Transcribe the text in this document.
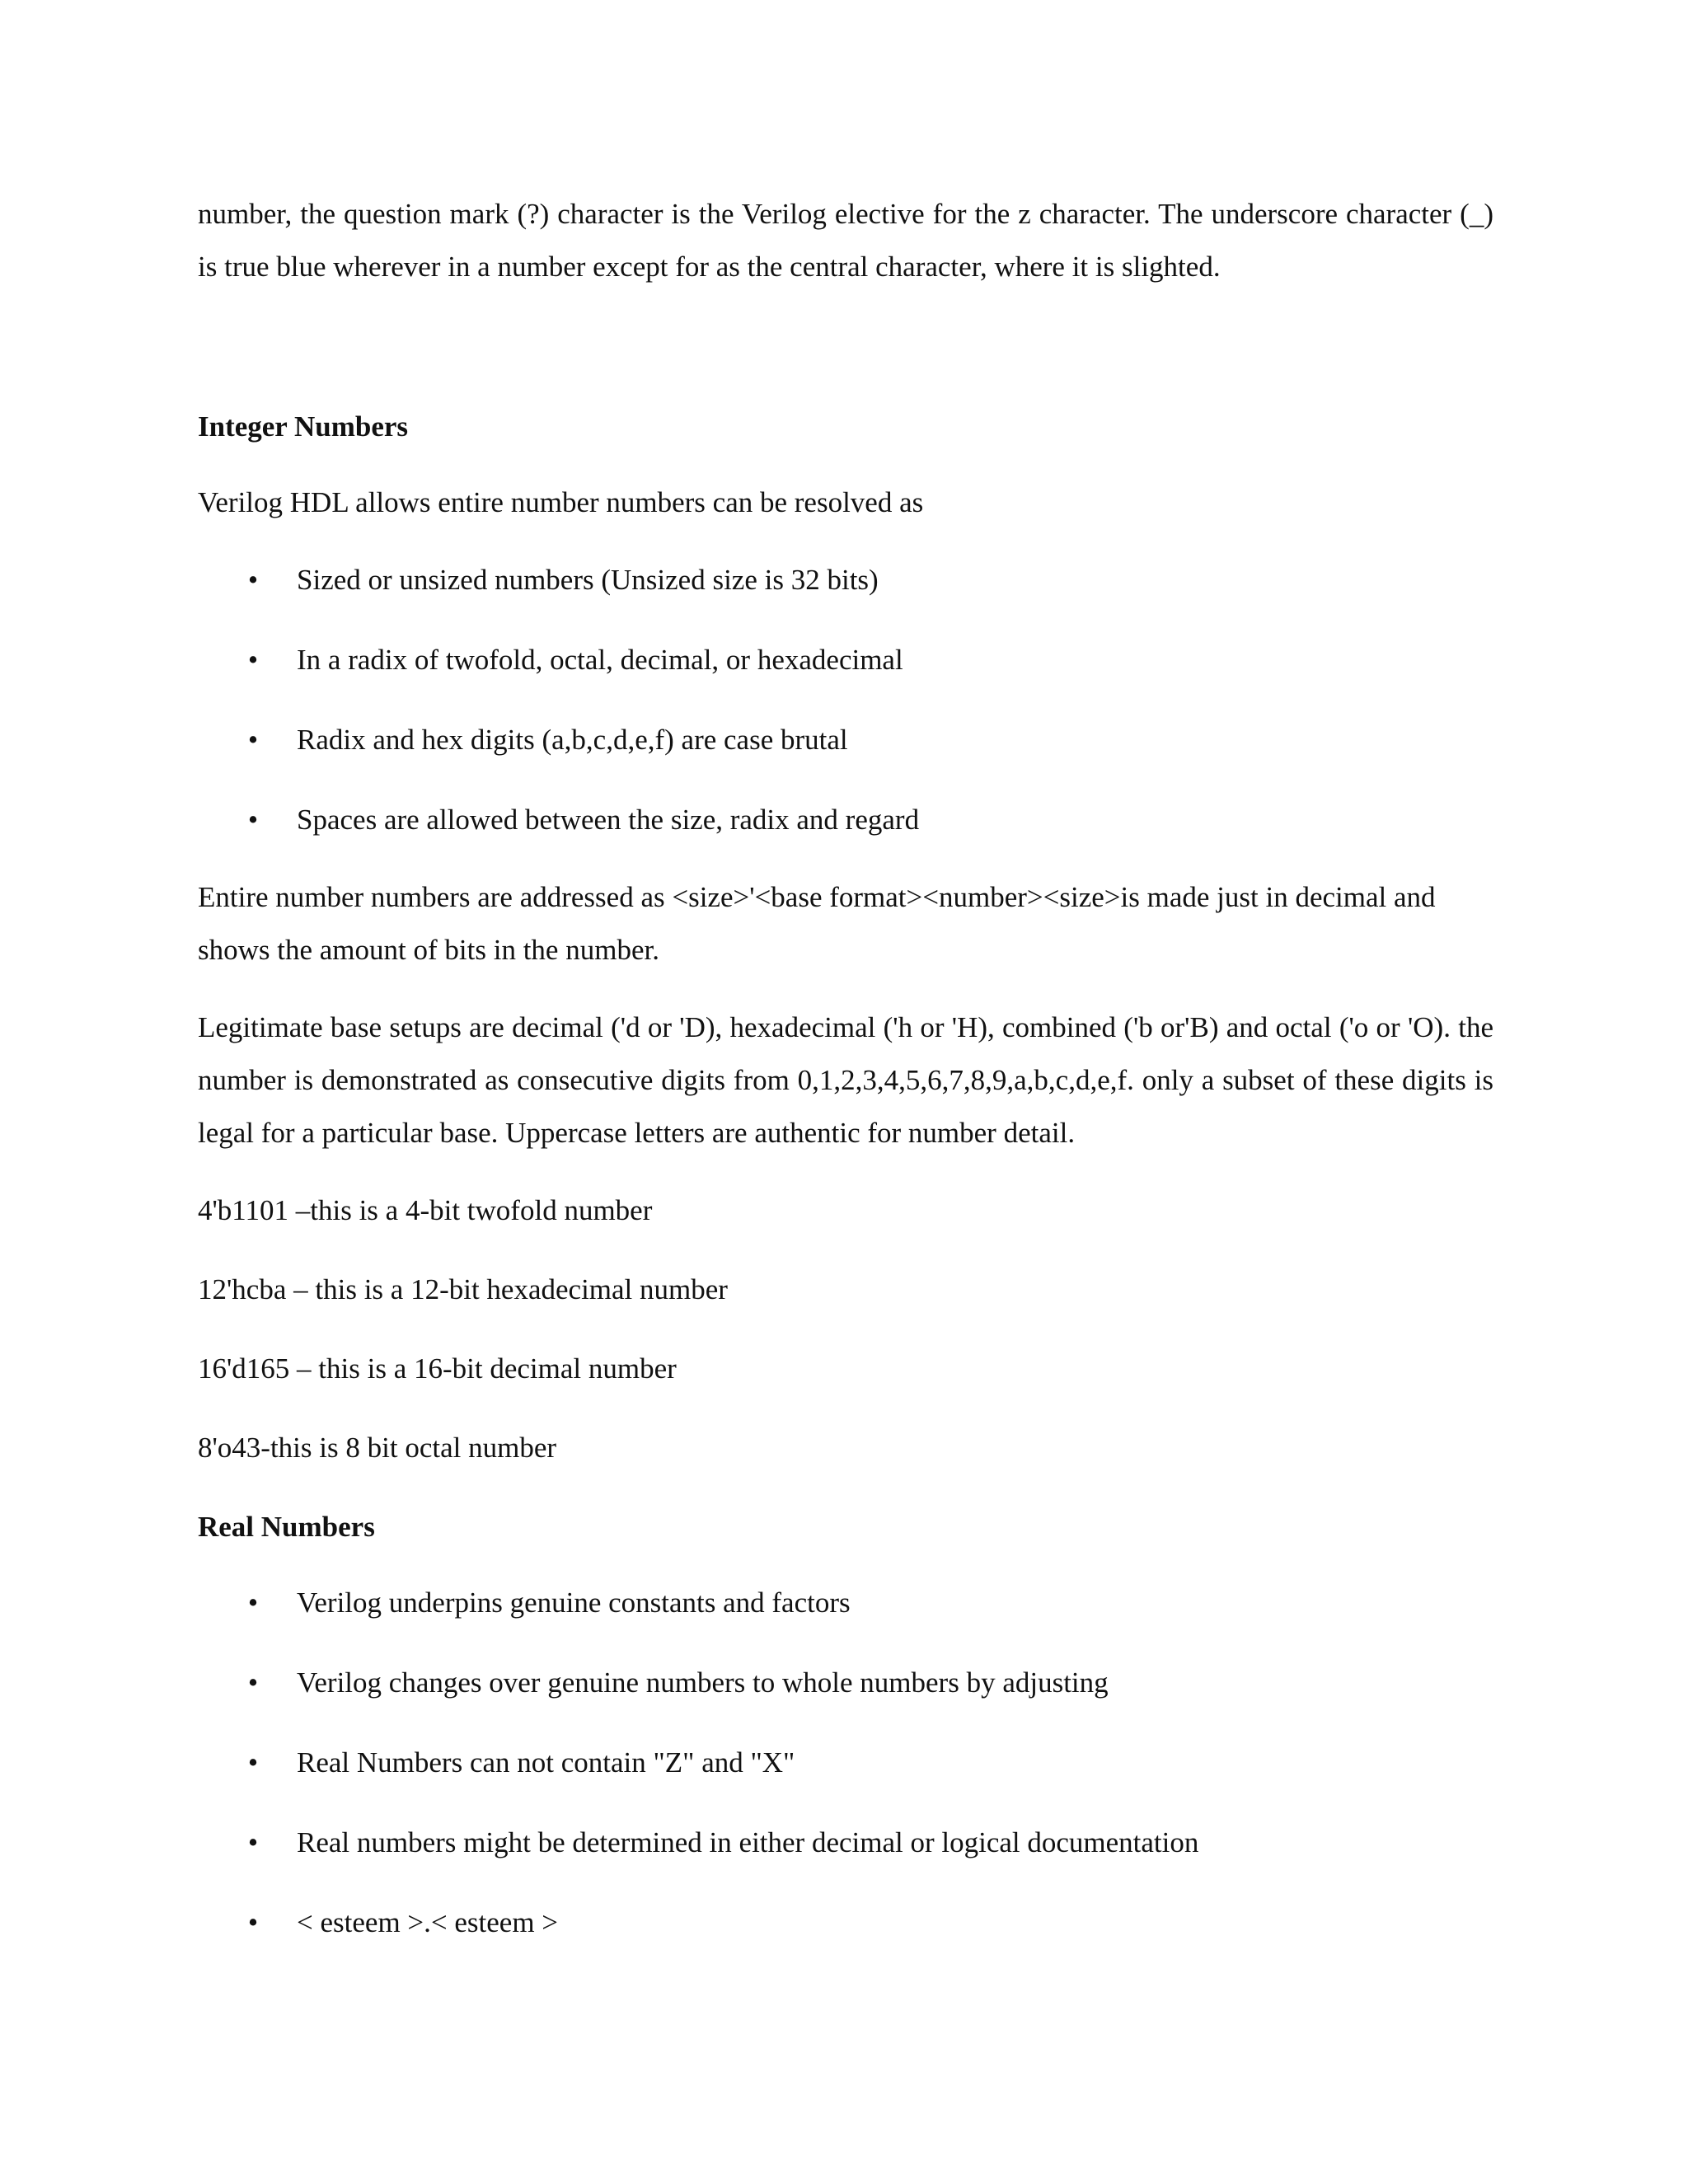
number, the question mark (?) character is the Verilog elective for the z character. The underscore character (_) is true blue wherever in a number except for as the central character, where it is slighted.

Integer Numbers

Verilog HDL allows entire number numbers can be resolved as

• Sized or unsized numbers (Unsized size is 32 bits)
• In a radix of twofold, octal, decimal, or hexadecimal
• Radix and hex digits (a,b,c,d,e,f) are case brutal
• Spaces are allowed between the size, radix and regard

Entire number numbers are addressed as <size>'<base format><number><size>is made just in decimal and shows the amount of bits in the number.

Legitimate base setups are decimal ('d or 'D), hexadecimal ('h or 'H), combined ('b or'B) and octal ('o or 'O). the number is demonstrated as consecutive digits from 0,1,2,3,4,5,6,7,8,9,a,b,c,d,e,f. only a subset of these digits is legal for a particular base. Uppercase letters are authentic for number detail.

4'b1101 –this is a 4-bit twofold number

12'hcba – this is a 12-bit hexadecimal number

16'd165 – this is a 16-bit decimal number

8'o43-this is 8 bit octal number

Real Numbers

• Verilog underpins genuine constants and factors
• Verilog changes over genuine numbers to whole numbers by adjusting
• Real Numbers can not contain "Z" and "X"
• Real numbers might be determined in either decimal or logical documentation
• < esteem >.< esteem >
